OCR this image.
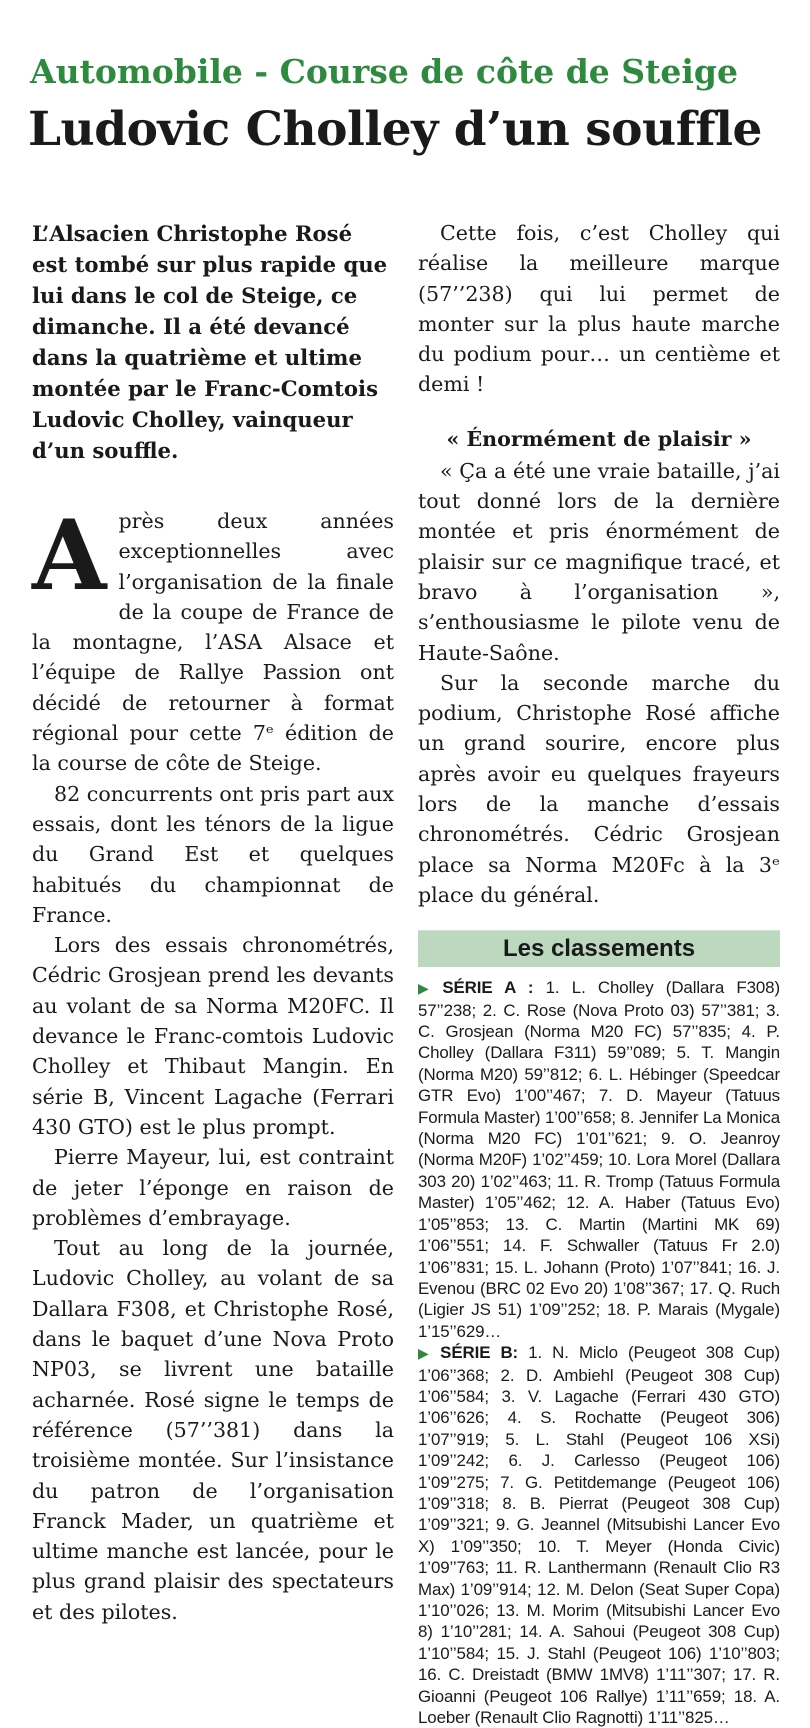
Automobile - Course de côte de Steige
Ludovic Cholley d’un souffle

L’Alsacien Christophe Rosé est tombé sur plus rapide que lui dans le col de Steige, ce dimanche. Il a été devancé dans la quatrième et ultime montée par le Franc-Comtois Ludovic Cholley, vainqueur d’un souffle.

Après deux années exceptionnelles avec l’organisation de la finale de la coupe de France de la montagne, l’ASA Alsace et l’équipe de Rallye Passion ont décidé de retourner à format régional pour cette 7ᵉ édition de la course de côte de Steige.

82 concurrents ont pris part aux essais, dont les ténors de la ligue du Grand Est et quelques habitués du championnat de France.

Lors des essais chronométrés, Cédric Grosjean prend les devants au volant de sa Norma M20FC. Il devance le Franc-comtois Ludovic Cholley et Thibaut Mangin. En série B, Vincent Lagache (Ferrari 430 GTO) est le plus prompt.

Pierre Mayeur, lui, est contraint de jeter l’éponge en raison de problèmes d’embrayage.

Tout au long de la journée, Ludovic Cholley, au volant de sa Dallara F308, et Christophe Rosé, dans le baquet d’une Nova Proto NP03, se livrent une bataille acharnée. Rosé signe le temps de référence (57’’381) dans la troisième montée. Sur l’insistance du patron de l’organisation Franck Mader, un quatrième et ultime manche est lancée, pour le plus grand plaisir des spectateurs et des pilotes.

Cette fois, c’est Cholley qui réalise la meilleure marque (57’’238) qui lui permet de monter sur la plus haute marche du podium pour… un centième et demi !

« Énormément de plaisir »

« Ça a été une vraie bataille, j’ai tout donné lors de la dernière montée et pris énormément de plaisir sur ce magnifique tracé, et bravo à l’organisation », s’enthousiasme le pilote venu de Haute-Saône.

Sur la seconde marche du podium, Christophe Rosé affiche un grand sourire, encore plus après avoir eu quelques frayeurs lors de la manche d’essais chronométrés. Cédric Grosjean place sa Norma M20Fc à la 3ᵉ place du général.

Les classements

▶ SÉRIE A : 1. L. Cholley (Dallara F308) 57’’238; 2. C. Rose (Nova Proto 03) 57’’381; 3. C. Grosjean (Norma M20 FC) 57’’835; 4. P. Cholley (Dallara F311) 59’’089; 5. T. Mangin (Norma M20) 59’’812; 6. L. Hébinger (Speedcar GTR Evo) 1’00’’467; 7. D. Mayeur (Tatuus Formula Master) 1’00’’658; 8. Jennifer La Monica (Norma M20 FC) 1’01’’621; 9. O. Jeanroy (Norma M20F) 1’02’’459; 10. Lora Morel (Dallara 303 20) 1’02’’463; 11. R. Tromp (Tatuus Formula Master) 1’05’’462; 12. A. Haber (Tatuus Evo) 1’05’’853; 13. C. Martin (Martini MK 69) 1’06’’551; 14. F. Schwaller (Tatuus Fr 2.0) 1’06’’831; 15. L. Johann (Proto) 1’07’’841; 16. J. Evenou (BRC 02 Evo 20) 1’08’’367; 17. Q. Ruch (Ligier JS 51) 1’09’’252; 18. P. Marais (Mygale) 1’15’’629…

▶ SÉRIE B: 1. N. Miclo (Peugeot 308 Cup) 1’06’’368; 2. D. Ambiehl (Peugeot 308 Cup) 1’06’’584; 3. V. Lagache (Ferrari 430 GTO) 1’06’’626; 4. S. Rochatte (Peugeot 306) 1’07’’919; 5. L. Stahl (Peugeot 106 XSi) 1’09’’242; 6. J. Carlesso (Peugeot 106) 1’09’’275; 7. G. Petitdemange (Peugeot 106) 1’09’’318; 8. B. Pierrat (Peugeot 308 Cup) 1’09’’321; 9. G. Jeannel (Mitsubishi Lancer Evo X) 1’09’’350; 10. T. Meyer (Honda Civic) 1’09’’763; 11. R. Lanthermann (Renault Clio R3 Max) 1’09’’914; 12. M. Delon (Seat Super Copa) 1’10’’026; 13. M. Morim (Mitsubishi Lancer Evo 8) 1’10’’281; 14. A. Sahoui (Peugeot 308 Cup) 1’10’’584; 15. J. Stahl (Peugeot 106) 1’10’’803; 16. C. Dreistadt (BMW 1MV8) 1’11’’307; 17. R. Gioanni (Peugeot 106 Rallye) 1’11’’659; 18. A. Loeber (Renault Clio Ragnotti) 1’11’’825…
